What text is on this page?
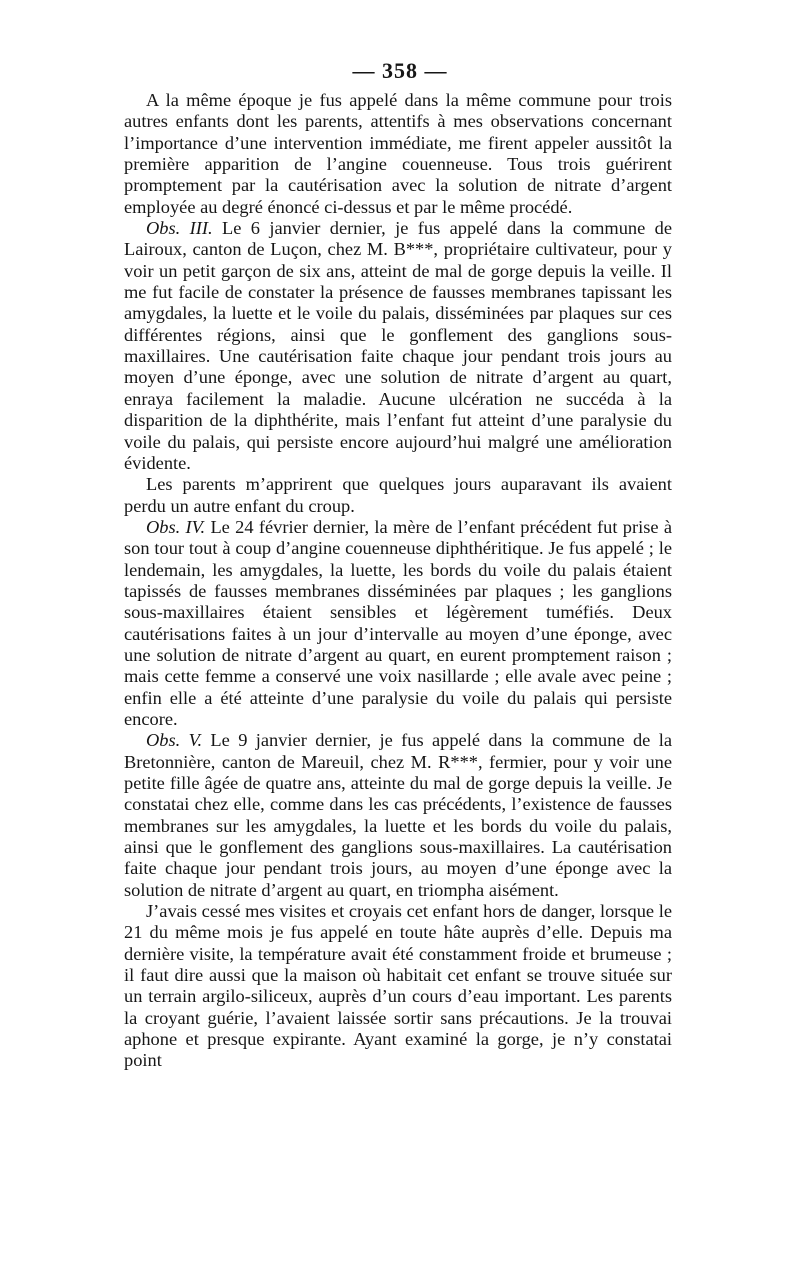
— 358 —

A la même époque je fus appelé dans la même commune pour trois autres enfants dont les parents, attentifs à mes observations concernant l’importance d’une intervention immédiate, me firent appeler aussitôt la première apparition de l’angine couenneuse. Tous trois guérirent promptement par la cautérisation avec la solution de nitrate d’argent employée au degré énoncé ci-dessus et par le même procédé.

Obs. III. Le 6 janvier dernier, je fus appelé dans la commune de Lairoux, canton de Luçon, chez M. B***, propriétaire cultivateur, pour y voir un petit garçon de six ans, atteint de mal de gorge depuis la veille. Il me fut facile de constater la présence de fausses membranes tapissant les amygdales, la luette et le voile du palais, disséminées par plaques sur ces différentes régions, ainsi que le gonflement des ganglions sous-maxillaires. Une cautérisation faite chaque jour pendant trois jours au moyen d’une éponge, avec une solution de nitrate d’argent au quart, enraya facilement la maladie. Aucune ulcération ne succéda à la disparition de la diphthérite, mais l’enfant fut atteint d’une paralysie du voile du palais, qui persiste encore aujourd’hui malgré une amélioration évidente.

Les parents m’apprirent que quelques jours auparavant ils avaient perdu un autre enfant du croup.

Obs. IV. Le 24 février dernier, la mère de l’enfant précédent fut prise à son tour tout à coup d’angine couenneuse diphthéritique. Je fus appelé ; le lendemain, les amygdales, la luette, les bords du voile du palais étaient tapissés de fausses membranes disséminées par plaques ; les ganglions sous-maxillaires étaient sensibles et légèrement tuméfiés. Deux cautérisations faites à un jour d’intervalle au moyen d’une éponge, avec une solution de nitrate d’argent au quart, en eurent promptement raison ; mais cette femme a conservé une voix nasillarde ; elle avale avec peine ; enfin elle a été atteinte d’une paralysie du voile du palais qui persiste encore.

Obs. V. Le 9 janvier dernier, je fus appelé dans la commune de la Bretonnière, canton de Mareuil, chez M. R***, fermier, pour y voir une petite fille âgée de quatre ans, atteinte du mal de gorge depuis la veille. Je constatai chez elle, comme dans les cas précédents, l’existence de fausses membranes sur les amygdales, la luette et les bords du voile du palais, ainsi que le gonflement des ganglions sous-maxillaires. La cautérisation faite chaque jour pendant trois jours, au moyen d’une éponge avec la solution de nitrate d’argent au quart, en triompha aisément.

J’avais cessé mes visites et croyais cet enfant hors de danger, lorsque le 21 du même mois je fus appelé en toute hâte auprès d’elle. Depuis ma dernière visite, la température avait été constamment froide et brumeuse ; il faut dire aussi que la maison où habitait cet enfant se trouve située sur un terrain argilo-siliceux, auprès d’un cours d’eau important. Les parents la croyant guérie, l’avaient laissée sortir sans précautions. Je la trouvai aphone et presque expirante. Ayant examiné la gorge, je n’y constatai point
